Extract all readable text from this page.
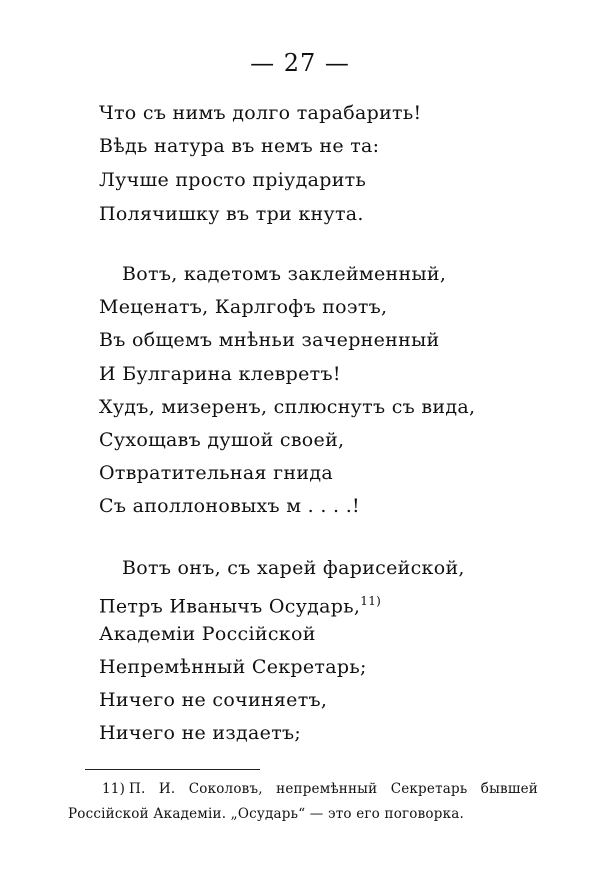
— 27 —
Что съ нимъ долго тарабарить!
Вѣдь натура въ немъ не та:
Лучше просто пріударить
Полячишку въ три кнута.
Вотъ, кадетомъ заклейменный,
Меценатъ, Карлгофъ поэтъ,
Въ общемъ мнѣньи зачерненный
И Булгарина клевретъ!
Худъ, мизеренъ, сплюснутъ съ вида,
Сухощавъ душой своей,
Отвратительная гнида
Съ аполлоновыхъ м . . . .!
Вотъ онъ, съ харей фарисейской,
Петръ Иванычъ Осударь,$^{11)}$
Академіи Россійской
Непремѣнный Секретарь;
Ничего не сочиняетъ,
Ничего не издаетъ;
11) П. И. Соколовъ, непремѣнный Секретарь бывшей Россійской Академіи. „Осударь“ — это его поговорка.
